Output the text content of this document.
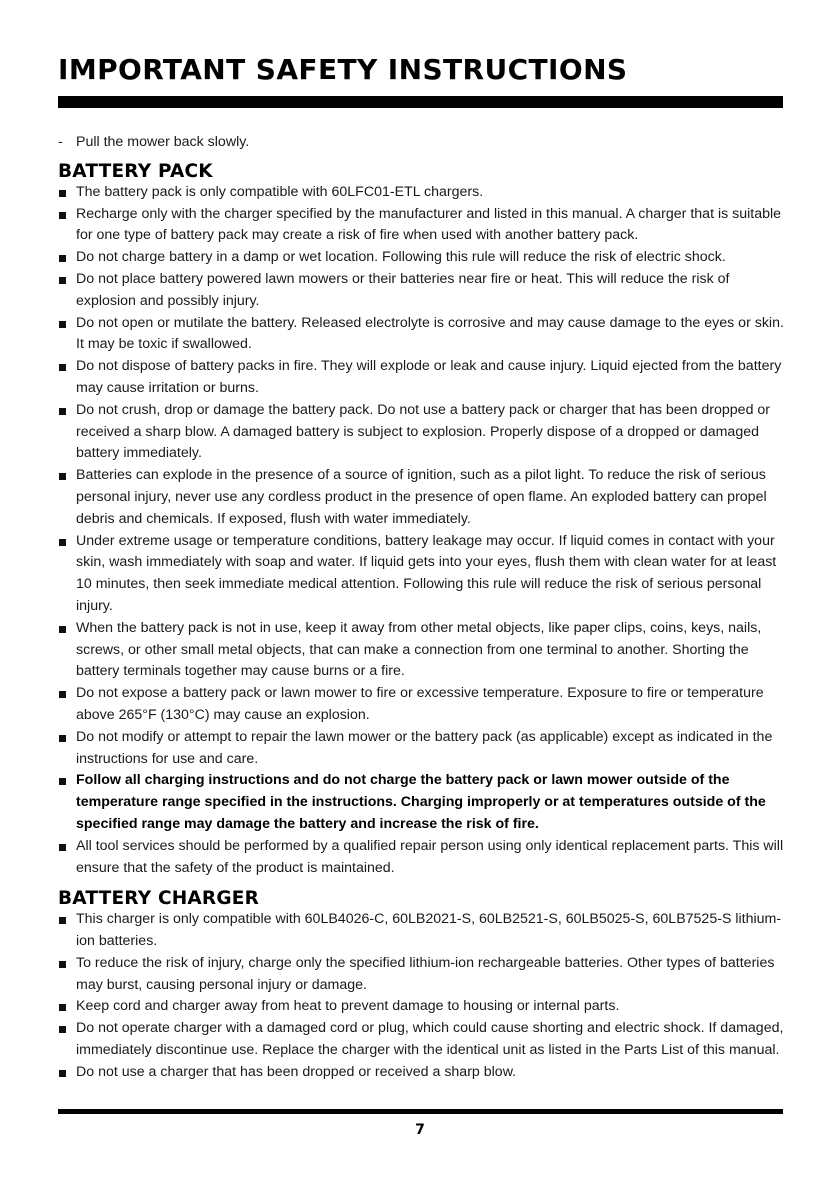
IMPORTANT SAFETY INSTRUCTIONS

- Pull the mower back slowly.

BATTERY PACK
The battery pack is only compatible with 60LFC01-ETL chargers.
Recharge only with the charger specified by the manufacturer and listed in this manual. A charger that is suitable for one type of battery pack may create a risk of fire when used with another battery pack.
Do not charge battery in a damp or wet location. Following this rule will reduce the risk of electric shock.
Do not place battery powered lawn mowers or their batteries near fire or heat. This will reduce the risk of explosion and possibly injury.
Do not open or mutilate the battery. Released electrolyte is corrosive and may cause damage to the eyes or skin. It may be toxic if swallowed.
Do not dispose of battery packs in fire. They will explode or leak and cause injury. Liquid ejected from the battery may cause irritation or burns.
Do not crush, drop or damage the battery pack. Do not use a battery pack or charger that has been dropped or received a sharp blow. A damaged battery is subject to explosion. Properly dispose of a dropped or damaged battery immediately.
Batteries can explode in the presence of a source of ignition, such as a pilot light. To reduce the risk of serious personal injury, never use any cordless product in the presence of open flame. An exploded battery can propel debris and chemicals. If exposed, flush with water immediately.
Under extreme usage or temperature conditions, battery leakage may occur. If liquid comes in contact with your skin, wash immediately with soap and water. If liquid gets into your eyes, flush them with clean water for at least 10 minutes, then seek immediate medical attention. Following this rule will reduce the risk of serious personal injury.
When the battery pack is not in use, keep it away from other metal objects, like paper clips, coins, keys, nails, screws, or other small metal objects, that can make a connection from one terminal to another. Shorting the battery terminals together may cause burns or a fire.
Do not expose a battery pack or lawn mower to fire or excessive temperature. Exposure to fire or temperature above 265°F (130°C) may cause an explosion.
Do not modify or attempt to repair the lawn mower or the battery pack (as applicable) except as indicated in the instructions for use and care.
Follow all charging instructions and do not charge the battery pack or lawn mower outside of the temperature range specified in the instructions. Charging improperly or at temperatures outside of the specified range may damage the battery and increase the risk of fire.
All tool services should be performed by a qualified repair person using only identical replacement parts. This will ensure that the safety of the product is maintained.
BATTERY CHARGER
This charger is only compatible with 60LB4026-C, 60LB2021-S, 60LB2521-S, 60LB5025-S, 60LB7525-S lithium-ion batteries.
To reduce the risk of injury, charge only the specified lithium-ion rechargeable batteries. Other types of batteries may burst, causing personal injury or damage.
Keep cord and charger away from heat to prevent damage to housing or internal parts.
Do not operate charger with a damaged cord or plug, which could cause shorting and electric shock. If damaged, immediately discontinue use. Replace the charger with the identical unit as listed in the Parts List of this manual.
Do not use a charger that has been dropped or received a sharp blow.
7
